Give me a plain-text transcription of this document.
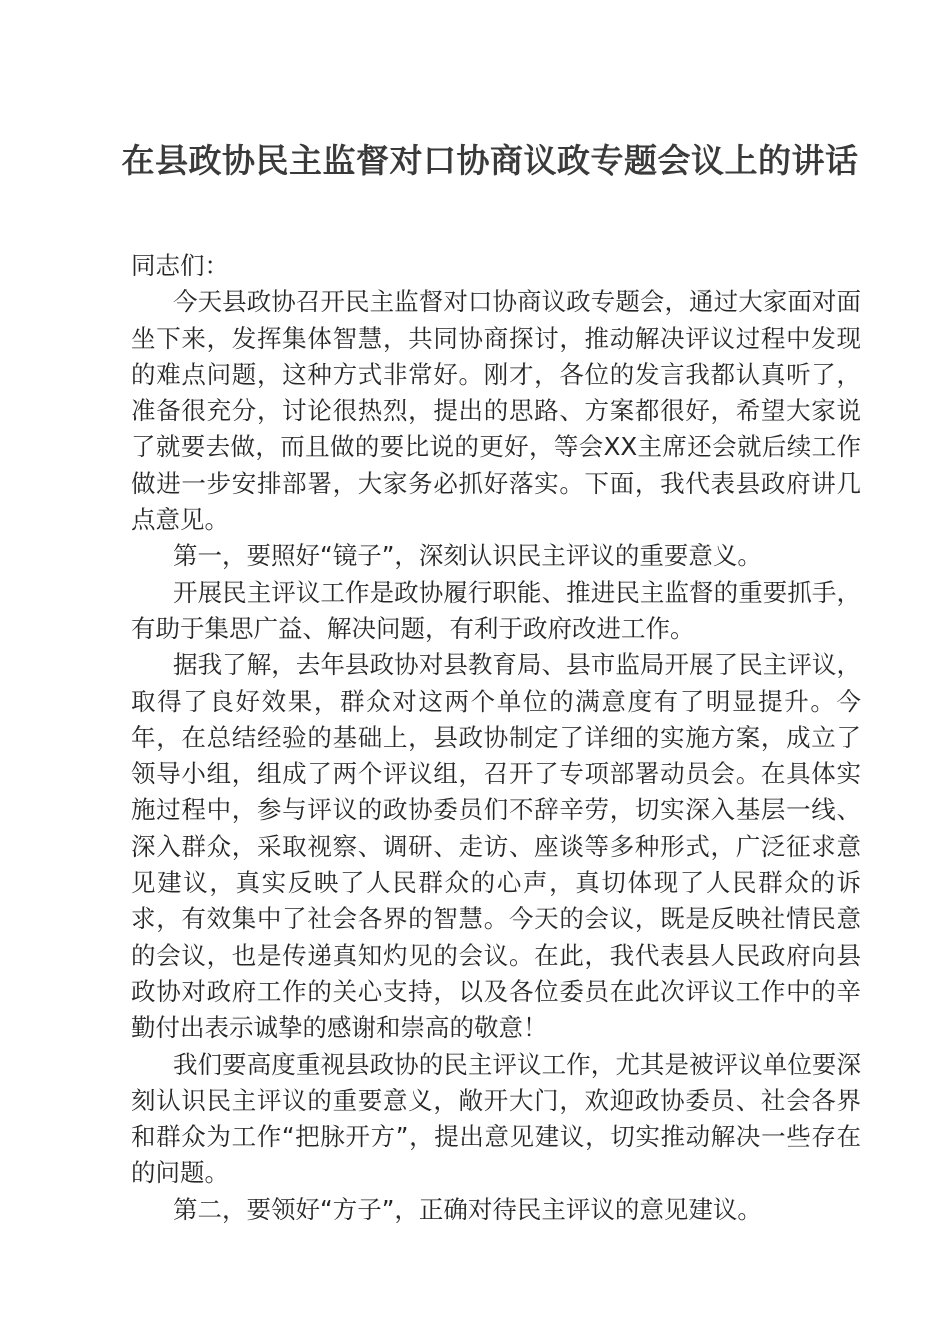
在县政协民主监督对口协商议政专题会议上的讲话

同志们：

今天县政协召开民主监督对口协商议政专题会，通过大家面对面坐下来，发挥集体智慧，共同协商探讨，推动解决评议过程中发现的难点问题，这种方式非常好。刚才，各位的发言我都认真听了，准备很充分，讨论很热烈，提出的思路、方案都很好，希望大家说了就要去做，而且做的要比说的更好，等会XX主席还会就后续工作做进一步安排部署，大家务必抓好落实。下面，我代表县政府讲几点意见。

第一，要照好“镜子”，深刻认识民主评议的重要意义。

开展民主评议工作是政协履行职能、推进民主监督的重要抓手，有助于集思广益、解决问题，有利于政府改进工作。

据我了解，去年县政协对县教育局、县市监局开展了民主评议，取得了良好效果，群众对这两个单位的满意度有了明显提升。今年，在总结经验的基础上，县政协制定了详细的实施方案，成立了领导小组，组成了两个评议组，召开了专项部署动员会。在具体实施过程中，参与评议的政协委员们不辞辛劳，切实深入基层一线、深入群众，采取视察、调研、走访、座谈等多种形式，广泛征求意见建议，真实反映了人民群众的心声，真切体现了人民群众的诉求，有效集中了社会各界的智慧。今天的会议，既是反映社情民意的会议，也是传递真知灼见的会议。在此，我代表县人民政府向县政协对政府工作的关心支持，以及各位委员在此次评议工作中的辛勤付出表示诚挚的感谢和崇高的敬意！

我们要高度重视县政协的民主评议工作，尤其是被评议单位要深刻认识民主评议的重要意义，敞开大门，欢迎政协委员、社会各界和群众为工作“把脉开方”，提出意见建议，切实推动解决一些存在的问题。

第二，要领好“方子”，正确对待民主评议的意见建议。
